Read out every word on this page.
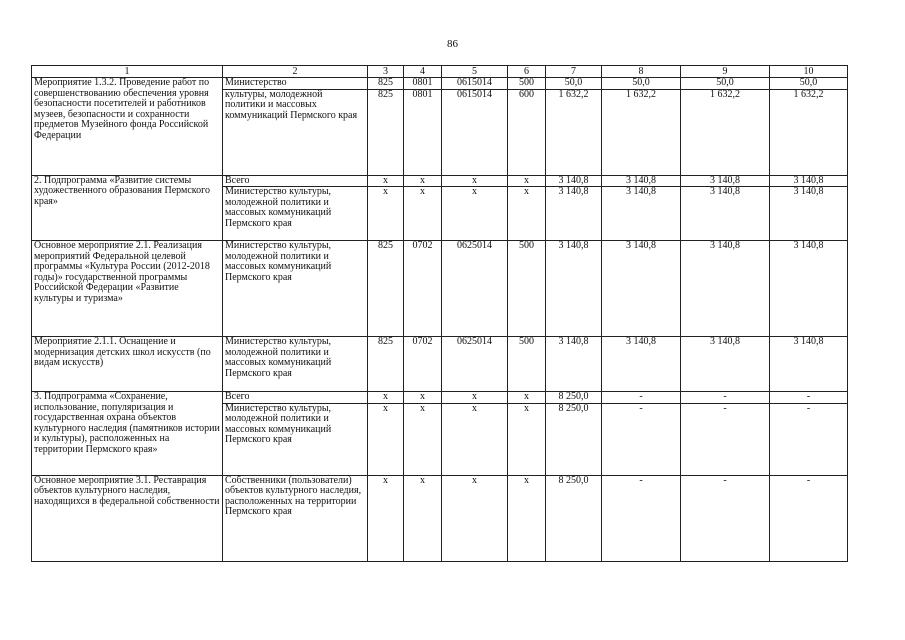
86
1	2	3	4	5	6	7	8	9	10
Мероприятие 1.3.2. Проведение работ по совершенствованию обеспечения уровня безопасности посетителей и работников музеев, безопасности и сохранности предметов Музейного фонда Российской Федерации	Министерство	825	0801	0615014	500	50,0	50,0	50,0	50,0
	культуры, молодежной политики и массовых коммуникаций Пермского края	825	0801	0615014	600	1 632,2	1 632,2	1 632,2	1 632,2
2. Подпрограмма «Развитие системы художественного образования Пермского края»	Всего	х	х	х	х	3 140,8	3 140,8	3 140,8	3 140,8
	Министерство культуры, молодежной политики и массовых коммуникаций Пермского края	х	х	х	х	3 140,8	3 140,8	3 140,8	3 140,8
Основное мероприятие 2.1. Реализация мероприятий Федеральной целевой программы «Культура России (2012-2018 годы)» государственной программы Российской Федерации «Развитие культуры и туризма»	Министерство культуры, молодежной политики и массовых коммуникаций Пермского края	825	0702	0625014	500	3 140,8	3 140,8	3 140,8	3 140,8
Мероприятие 2.1.1. Оснащение и модернизация детских школ искусств (по видам искусств)	Министерство культуры, молодежной политики и массовых коммуникаций Пермского края	825	0702	0625014	500	3 140,8	3 140,8	3 140,8	3 140,8
3. Подпрограмма «Сохранение, использование, популяризация и государственная охрана объектов культурного наследия (памятников истории и культуры), расположенных на территории Пермского края»	Всего	х	х	х	х	8 250,0	-	-	-
	Министерство культуры, молодежной политики и массовых коммуникаций Пермского края	х	х	х	х	8 250,0	-	-	-
Основное мероприятие 3.1. Реставрация объектов культурного наследия, находящихся в федеральной собственности	Собственники (пользователи) объектов культурного наследия, расположенных на территории Пермского края	х	х	х	х	8 250,0	-	-	-
